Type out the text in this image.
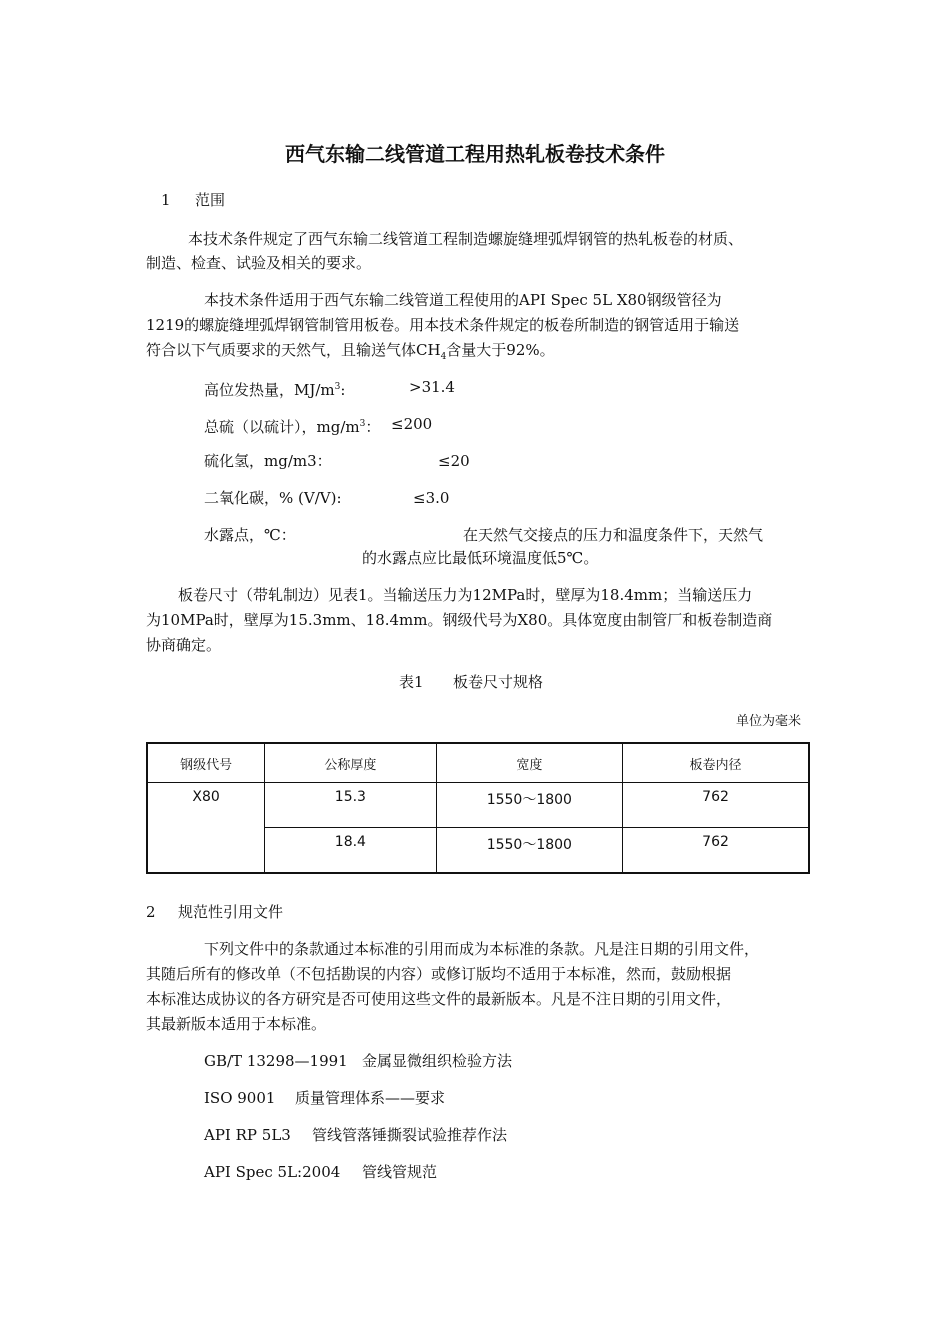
西气东输二线管道工程用热轧板卷技术条件
1 范围
本技术条件规定了西气东输二线管道工程制造螺旋缝埋弧焊钢管的热轧板卷的材质、
制造、检查、试验及相关的要求。
本技术条件适用于西气东输二线管道工程使用的API Spec 5L X80钢级管径为
1219的螺旋缝埋弧焊钢管制管用板卷。用本技术条件规定的板卷所制造的钢管适用于输送
符合以下气质要求的天然气，且输送气体$CH_4$含量大于92%。
高位发热量，$MJ/m^3$:	>31.4
总硫（以硫计），$mg/m^3$： ≤200
硫化氢，mg/m3：	≤20
二氧化碳，% (V/V):	≤3.0
水露点，℃：	在天然气交接点的压力和温度条件下，天然气
的水露点应比最低环境温度低5℃。
板卷尺寸（带轧制边）见表1。当输送压力为12MPa时，壁厚为18.4mm；当输送压力
为10MPa时，壁厚为15.3mm、18.4mm。钢级代号为X80。具体宽度由制管厂和板卷制造商
协商确定。
表1 板卷尺寸规格
单位为毫米
钢级代号	公称厚度	宽度	板卷内径
X80	15.3	1550～1800	762
	18.4	1550～1800	762
2 规范性引用文件
下列文件中的条款通过本标准的引用而成为本标准的条款。凡是注日期的引用文件，
其随后所有的修改单（不包括勘误的内容）或修订版均不适用于本标准，然而，鼓励根据
本标准达成协议的各方研究是否可使用这些文件的最新版本。凡是不注日期的引用文件，
其最新版本适用于本标准。
GB/T 13298—1991 金属显微组织检验方法
ISO 9001 质量管理体系——要求
API RP 5L3 管线管落锤撕裂试验推荐作法
API Spec 5L:2004 管线管规范
